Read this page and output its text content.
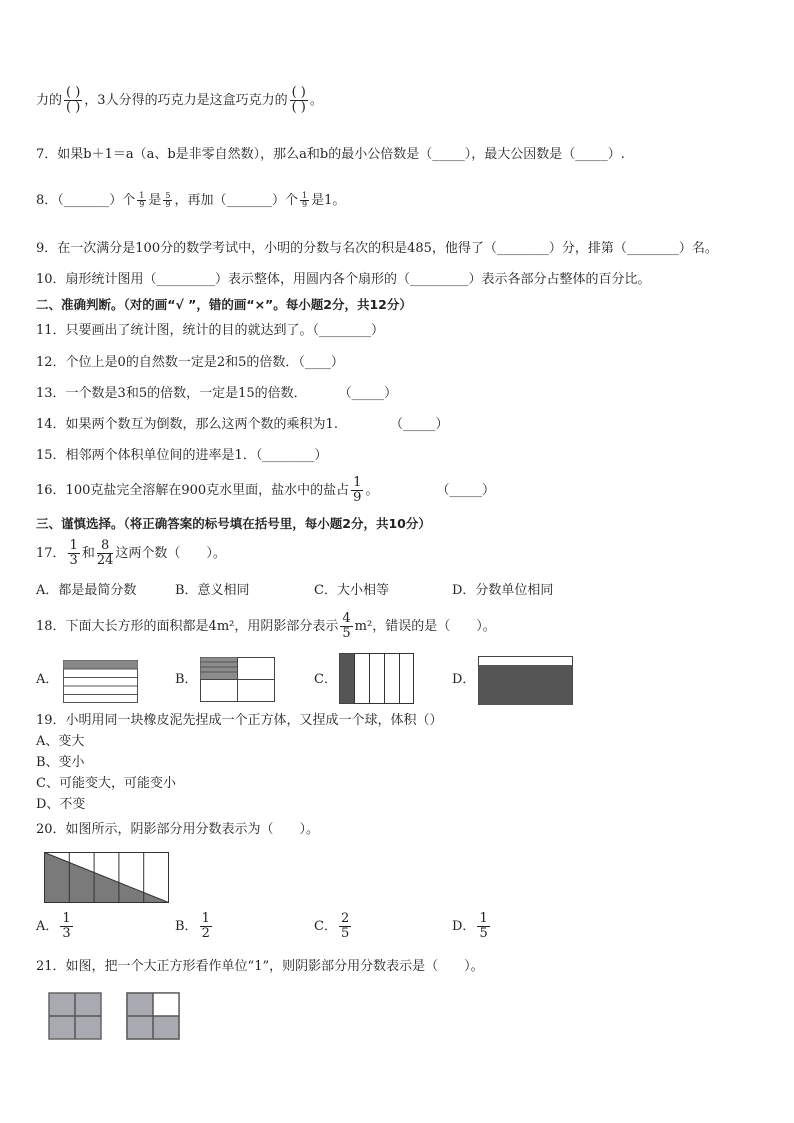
力的 $\frac{( )}{( )}$ ，3人分得的巧克力是这盒巧克力的 $\frac{( )}{( )}$ 。
7．如果b＋1＝a（a、b是非零自然数），那么a和b的最小公倍数是（_____），最大公因数是（_____）.
8．（_______）个 $\frac{1}{9}$ 是 $\frac{5}{9}$ ，再加（_______）个 $\frac{1}{9}$ 是1。
9．在一次满分是100分的数学考试中，小明的分数与名次的积是485，他得了（________）分，排第（________）名。
10．扇形统计图用（_________）表示整体，用圆内各个扇形的（_________）表示各部分占整体的百分比。
二、准确判断。（对的画“√ ”，错的画“×”。每小题2分，共12分）
11．只要画出了统计图，统计的目的就达到了。（________）
12．个位上是0的自然数一定是2和5的倍数．（____）
13．一个数是3和5的倍数，一定是15的倍数． （_____）
14．如果两个数互为倒数，那么这两个数的乘积为1.	（_____）
15．相邻两个体积单位间的进率是1．（________）
16．100克盐完全溶解在900克水里面，盐水中的盐占 $\frac{1}{9}$ 。	（_____）
三、谨慎选择。（将正确答案的标号填在括号里，每小题2分，共10分）
17． $\frac{1}{3}$ 和 $\frac{8}{24}$ 这两个数（　　）。
A．都是最简分数	B．意义相同	C．大小相等	D．分数单位相同
18．下面大长方形的面积都是4m²，用阴影部分表示 $\frac{4}{5} m^2$，错误的是（　　）。
A．	B．	C．	D．
19．小明用同一块橡皮泥先捏成一个正方体，又捏成一个球，体积（）
A、变大
B、变小
C、可能变大，可能变小
D、不变
20．如图所示，阴影部分用分数表示为（　　）。
A． $\frac{1}{3}$	B． $\frac{1}{2}$	C． $\frac{2}{5}$	D． $\frac{1}{5}$
21．如图，把一个大正方形看作单位“1”，则阴影部分用分数表示是（　　）。
